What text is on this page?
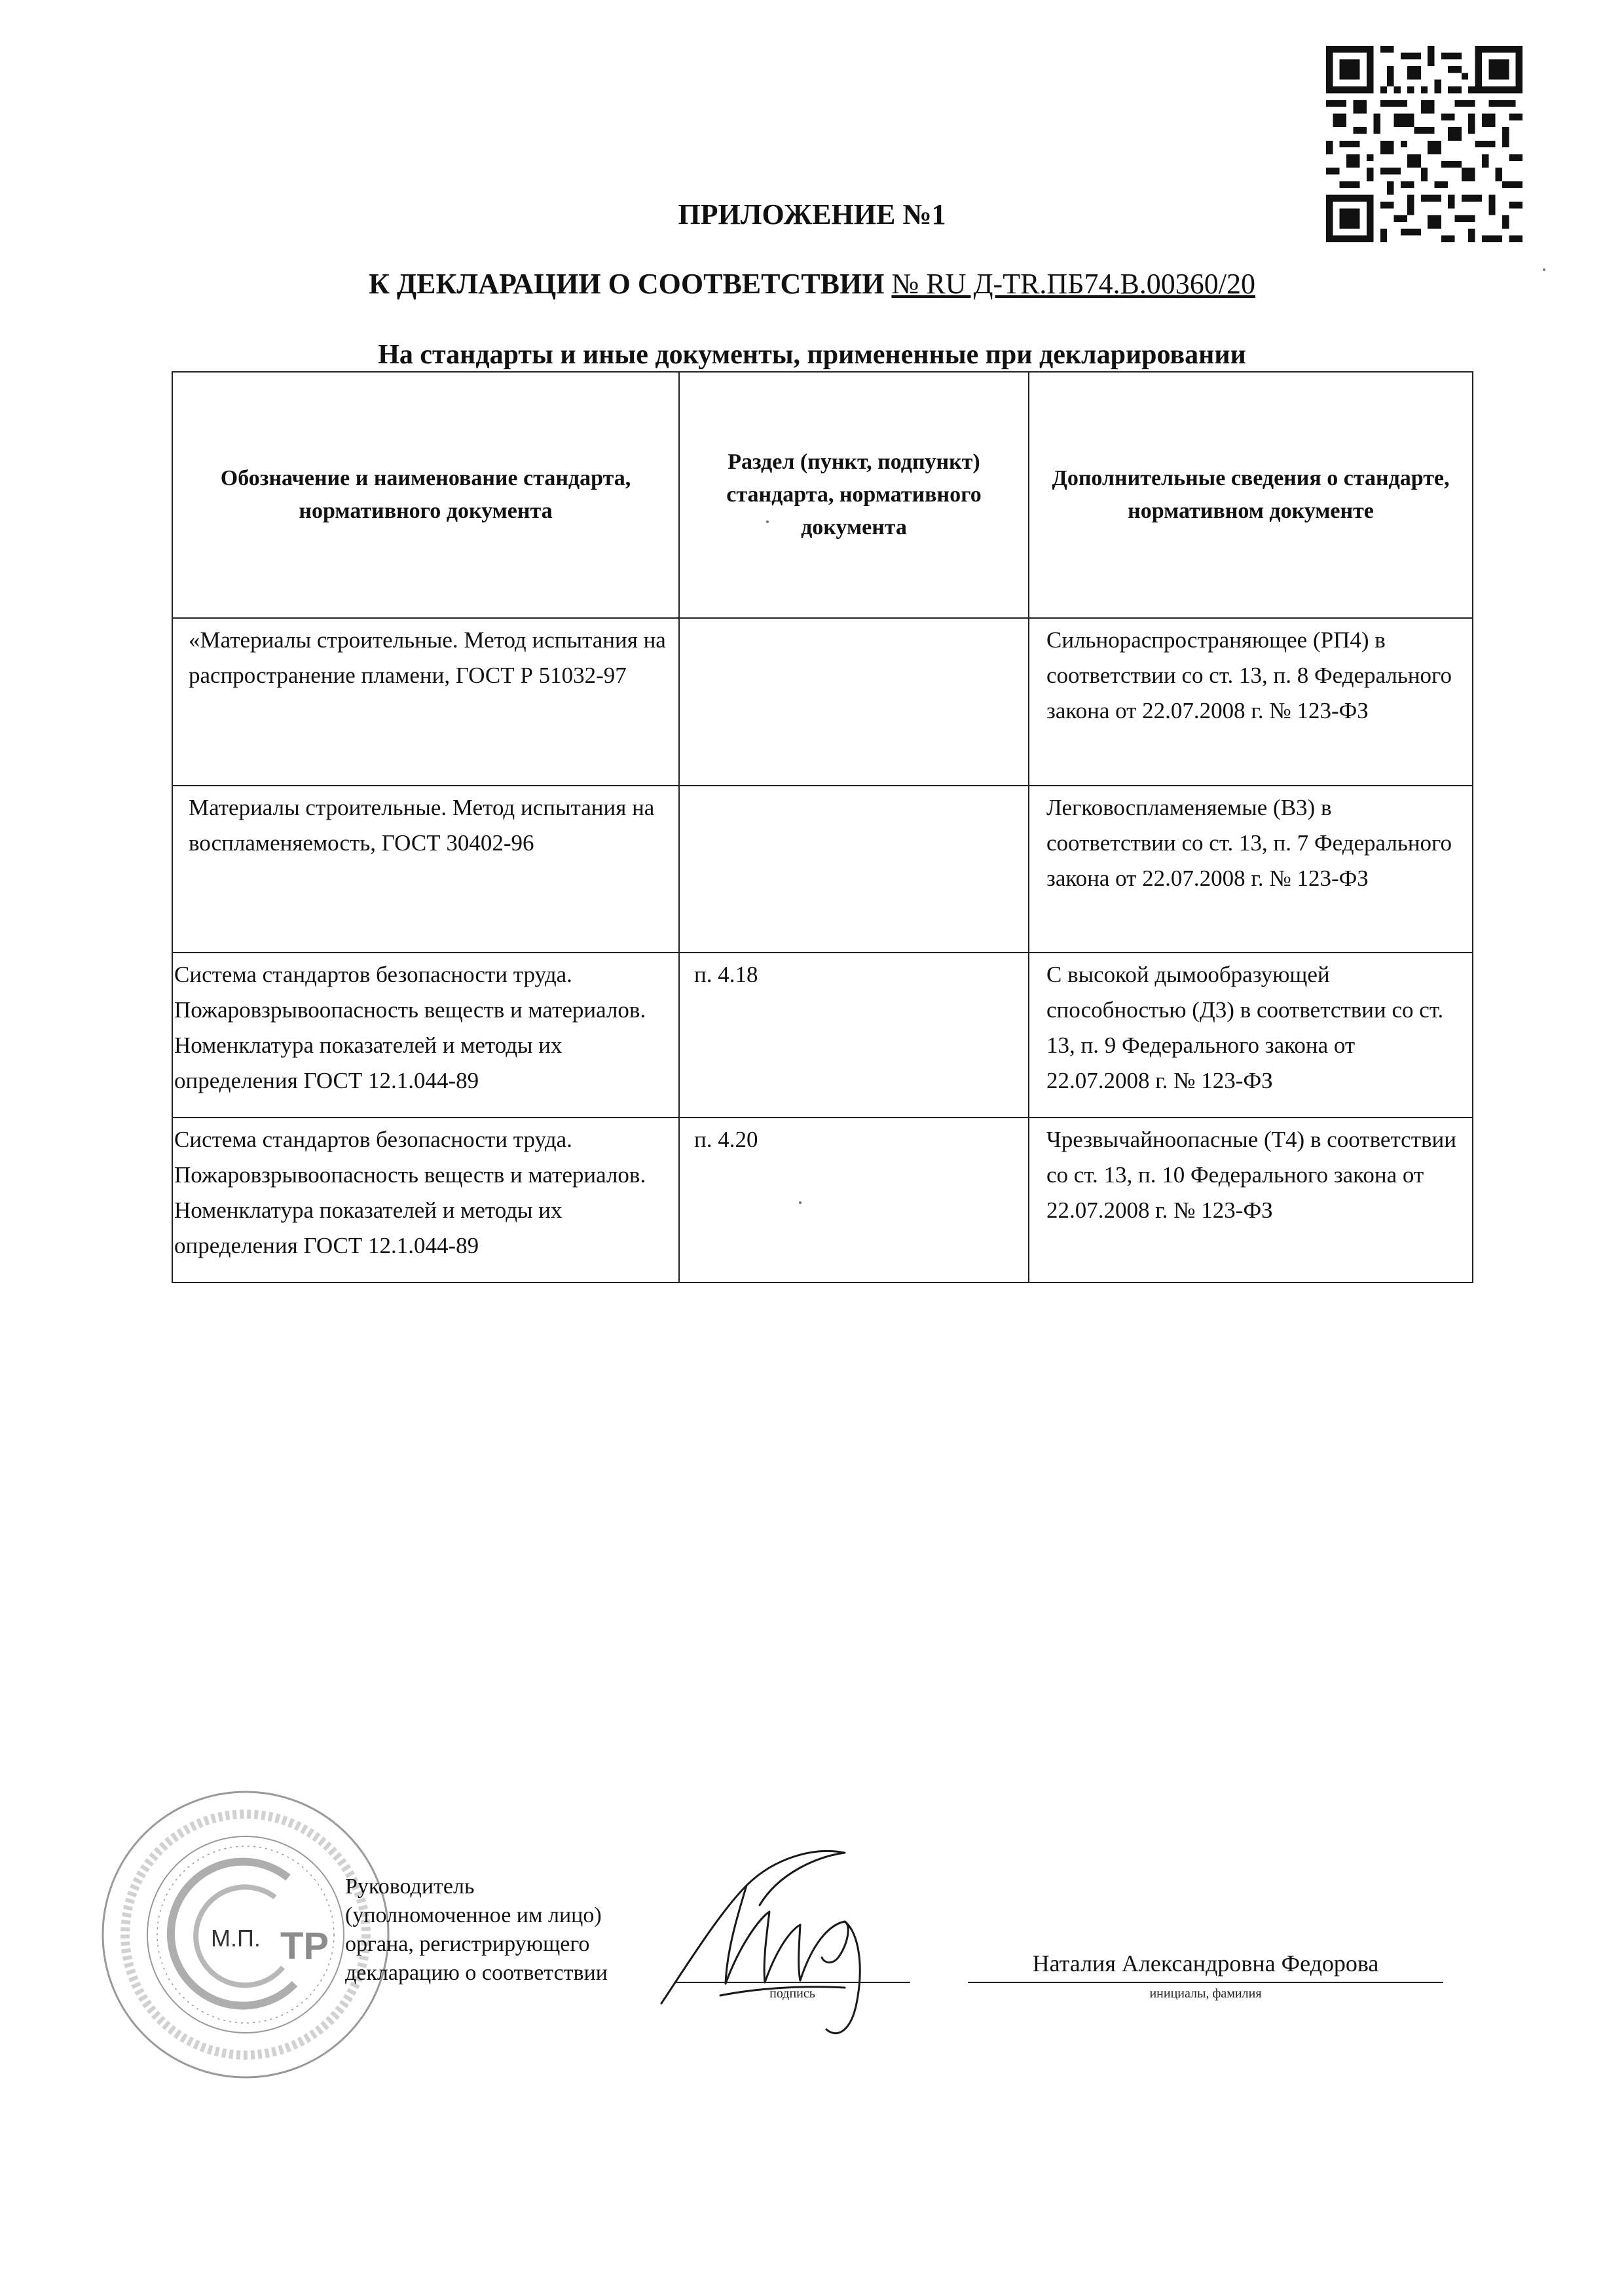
ПРИЛОЖЕНИЕ №1
К ДЕКЛАРАЦИИ О СООТВЕТСТВИИ № RU Д-TR.ПБ74.В.00360/20
На стандарты и иные документы, примененные при декларировании
Обозначение и наименование стандарта, нормативного документа	Раздел (пункт, подпункт) стандарта, нормативного документа	Дополнительные сведения о стандарте, нормативном документе
«Материалы строительные. Метод испытания на распространение пламени, ГОСТ Р 51032-97		Сильнораспространяющее (РП4) в соответствии со ст. 13, п. 8 Федерального закона от 22.07.2008 г. № 123-ФЗ
Материалы строительные. Метод испытания на воспламеняемость, ГОСТ 30402-96		Легковоспламеняемые (В3) в соответствии со ст. 13, п. 7 Федерального закона от 22.07.2008 г. № 123-ФЗ
Система стандартов безопасности труда. Пожаровзрывоопасность веществ и материалов. Номенклатура показателей и методы их определения ГОСТ 12.1.044-89	п. 4.18	С высокой дымообразующей способностью (Д3) в соответствии со ст. 13, п. 9 Федерального закона от 22.07.2008 г. № 123-ФЗ
Система стандартов безопасности труда. Пожаровзрывоопасность веществ и материалов. Номенклатура показателей и методы их определения ГОСТ 12.1.044-89	п. 4.20	Чрезвычайноопасные (Т4) в соответствии со ст. 13, п. 10 Федерального закона от 22.07.2008 г. № 123-ФЗ
TP
М.П.
Руководитель
(уполномоченное им лицо)
органа, регистрирующего
декларацию о соответствии
подпись
Наталия Александровна Федорова
инициалы, фамилия
